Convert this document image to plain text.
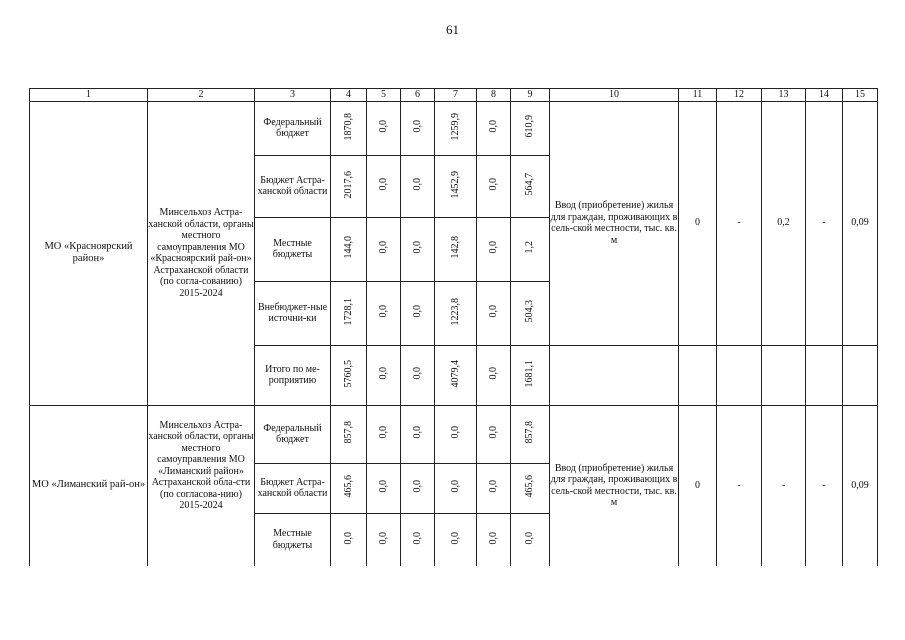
61
1	2	3	4	5	6	7	8	9	10	11	12	13	14	15
МО «Красноярский район»	Минсельхоз Астра-ханской области, органы местного самоуправления МО «Красноярский рай-он» Астраханской области (по согла-сованию) 2015-2024	Федеральный бюджет	1870,8	0,0	0,0	1259,9	0,0	610,9	Ввод (приобретение) жилья для граждан, проживающих в сель-ской местности, тыс. кв. м	0	-	0,2	-	0,09
		Бюджет Астра-ханской области	2017,6	0,0	0,0	1452,9	0,0	564,7						
		Местные бюджеты	144,0	0,0	0,0	142,8	0,0	1,2						
		Внебюджет-ные источни-ки	1728,1	0,0	0,0	1223,8	0,0	504,3						
		Итого по ме-роприятию	5760,5	0,0	0,0	4079,4	0,0	1681,1						
МО «Лиманский рай-он»	Минсельхоз Астра-ханской области, органы местного самоуправления МО «Лиманский район» Астраханской обла-сти (по согласова-нию) 2015-2024	Федеральный бюджет	857,8	0,0	0,0	0,0	0,0	857,8	Ввод (приобретение) жилья для граждан, проживающих в сель-ской местности, тыс. кв. м	0	-	-	-	0,09
		Бюджет Астра-ханской области	465,6	0,0	0,0	0,0	0,0	465,6						
		Местные бюджеты	0,0	0,0	0,0	0,0	0,0	0,0						
